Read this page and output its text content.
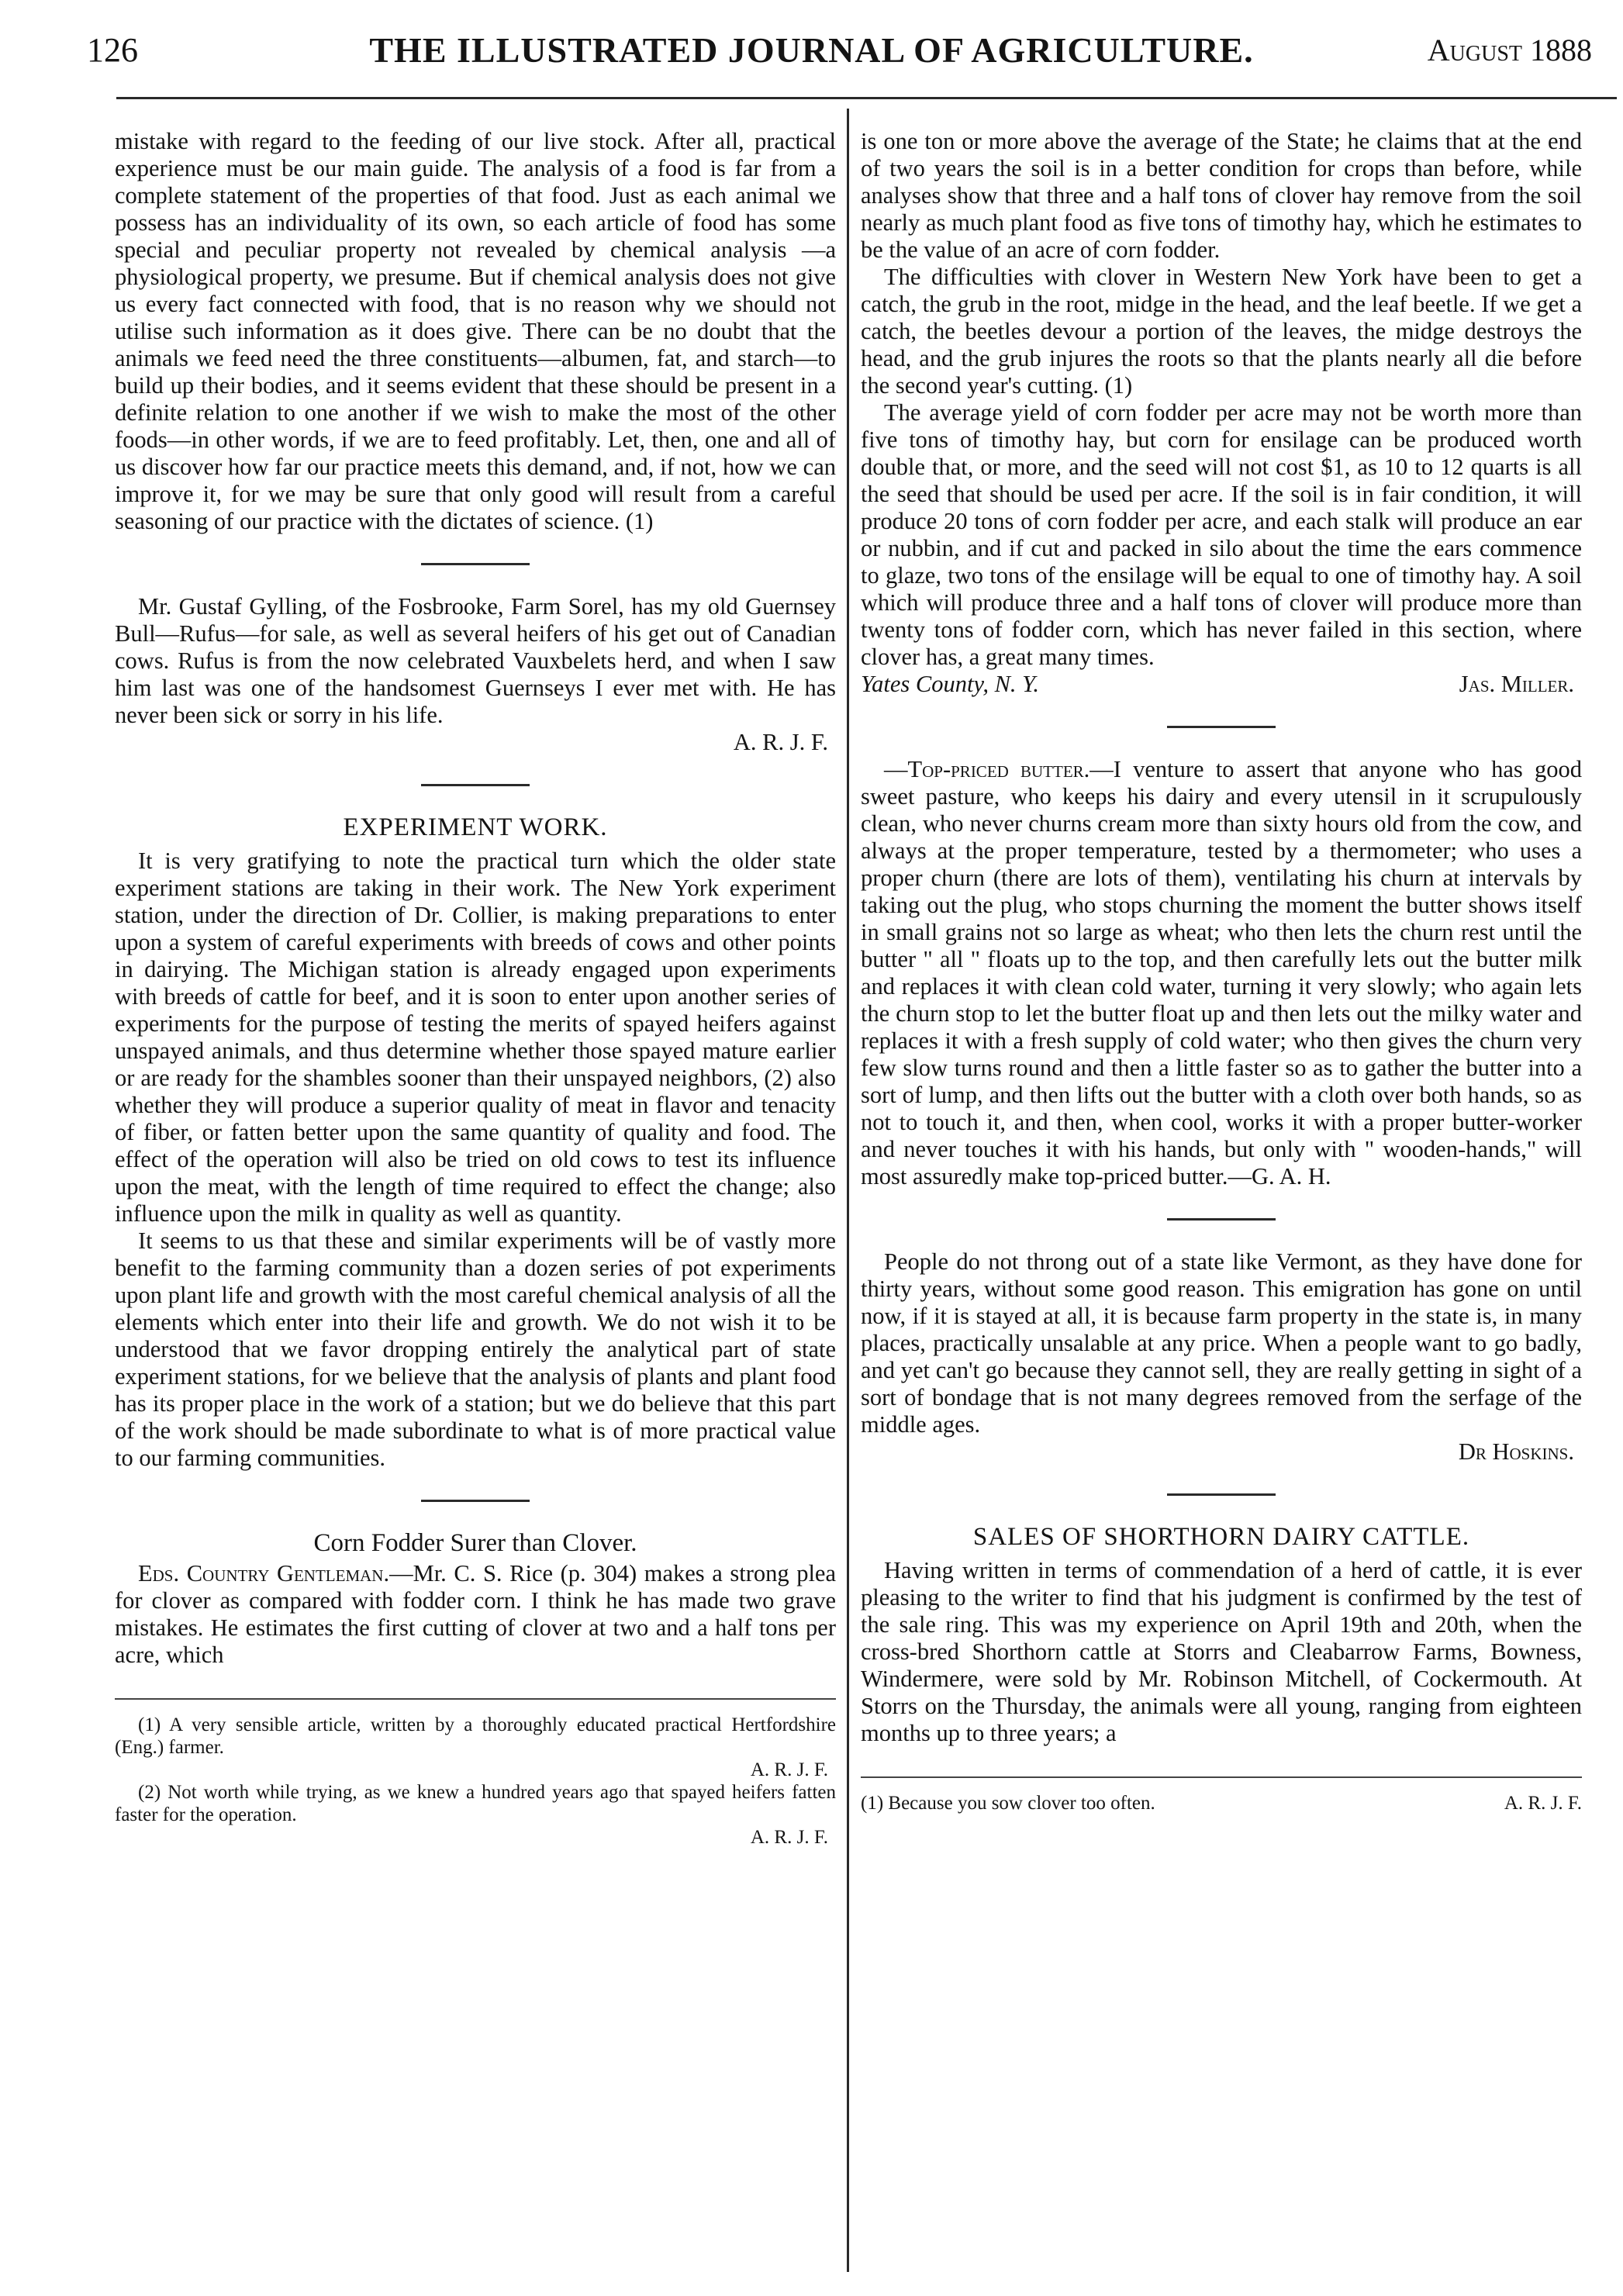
126	THE ILLUSTRATED JOURNAL OF AGRICULTURE.	August 1888

mistake with regard to the feeding of our live stock. After all, practical experience must be our main guide. The analysis of a food is far from a complete statement of the properties of that food. Just as each animal we possess has an individuality of its own, so each article of food has some special and peculiar property not revealed by chemical analysis —a physiological property, we presume. But if chemical analysis does not give us every fact connected with food, that is no reason why we should not utilise such information as it does give. There can be no doubt that the animals we feed need the three constituents—albumen, fat, and starch—to build up their bodies, and it seems evident that these should be present in a definite relation to one another if we wish to make the most of the other foods—in other words, if we are to feed profitably. Let, then, one and all of us discover how far our practice meets this demand, and, if not, how we can improve it, for we may be sure that only good will result from a careful seasoning of our practice with the dictates of science. (1)

Mr. Gustaf Gylling, of the Fosbrooke, Farm Sorel, has my old Guernsey Bull—Rufus—for sale, as well as several heifers of his get out of Canadian cows. Rufus is from the now celebrated Vauxbelets herd, and when I saw him last was one of the handsomest Guernseys I ever met with. He has never been sick or sorry in his life.

A. R. J. F.

EXPERIMENT WORK.

It is very gratifying to note the practical turn which the older state experiment stations are taking in their work. The New York experiment station, under the direction of Dr. Collier, is making preparations to enter upon a system of careful experiments with breeds of cows and other points in dairying. The Michigan station is already engaged upon experiments with breeds of cattle for beef, and it is soon to enter upon another series of experiments for the purpose of testing the merits of spayed heifers against unspayed animals, and thus determine whether those spayed mature earlier or are ready for the shambles sooner than their unspayed neighbors, (2) also whether they will produce a superior quality of meat in flavor and tenacity of fiber, or fatten better upon the same quantity of quality and food. The effect of the operation will also be tried on old cows to test its influence upon the meat, with the length of time required to effect the change; also influence upon the milk in quality as well as quantity.

It seems to us that these and similar experiments will be of vastly more benefit to the farming community than a dozen series of pot experiments upon plant life and growth with the most careful chemical analysis of all the elements which enter into their life and growth. We do not wish it to be understood that we favor dropping entirely the analytical part of state experiment stations, for we believe that the analysis of plants and plant food has its proper place in the work of a station; but we do believe that this part of the work should be made subordinate to what is of more practical value to our farming communities.

Corn Fodder Surer than Clover.

Eds. Country Gentleman.—Mr. C. S. Rice (p. 304) makes a strong plea for clover as compared with fodder corn. I think he has made two grave mistakes. He estimates the first cutting of clover at two and a half tons per acre, which

(1) A very sensible article, written by a thoroughly educated practical Hertfordshire (Eng.) farmer.

A. R. J. F.

(2) Not worth while trying, as we knew a hundred years ago that spayed heifers fatten faster for the operation.

A. R. J. F.

is one ton or more above the average of the State; he claims that at the end of two years the soil is in a better condition for crops than before, while analyses show that three and a half tons of clover hay remove from the soil nearly as much plant food as five tons of timothy hay, which he estimates to be the value of an acre of corn fodder.

The difficulties with clover in Western New York have been to get a catch, the grub in the root, midge in the head, and the leaf beetle. If we get a catch, the beetles devour a portion of the leaves, the midge destroys the head, and the grub injures the roots so that the plants nearly all die before the second year's cutting. (1)

The average yield of corn fodder per acre may not be worth more than five tons of timothy hay, but corn for ensilage can be produced worth double that, or more, and the seed will not cost $1, as 10 to 12 quarts is all the seed that should be used per acre. If the soil is in fair condition, it will produce 20 tons of corn fodder per acre, and each stalk will produce an ear or nubbin, and if cut and packed in silo about the time the ears commence to glaze, two tons of the ensilage will be equal to one of timothy hay. A soil which will produce three and a half tons of clover will produce more than twenty tons of fodder corn, which has never failed in this section, where clover has, a great many times.

Yates County, N. Y.	Jas. Miller.

—Top-priced butter.—I venture to assert that anyone who has good sweet pasture, who keeps his dairy and every utensil in it scrupulously clean, who never churns cream more than sixty hours old from the cow, and always at the proper temperature, tested by a thermometer; who uses a proper churn (there are lots of them), ventilating his churn at intervals by taking out the plug, who stops churning the moment the butter shows itself in small grains not so large as wheat; who then lets the churn rest until the butter " all " floats up to the top, and then carefully lets out the butter milk and replaces it with clean cold water, turning it very slowly; who again lets the churn stop to let the butter float up and then lets out the milky water and replaces it with a fresh supply of cold water; who then gives the churn very few slow turns round and then a little faster so as to gather the butter into a sort of lump, and then lifts out the butter with a cloth over both hands, so as not to touch it, and then, when cool, works it with a proper butter-worker and never touches it with his hands, but only with " wooden-hands," will most assuredly make top-priced butter.—G. A. H.

People do not throng out of a state like Vermont, as they have done for thirty years, without some good reason. This emigration has gone on until now, if it is stayed at all, it is because farm property in the state is, in many places, practically unsalable at any price. When a people want to go badly, and yet can't go because they cannot sell, they are really getting in sight of a sort of bondage that is not many degrees removed from the serfage of the middle ages.

Dr Hoskins.

SALES OF SHORTHORN DAIRY CATTLE.

Having written in terms of commendation of a herd of cattle, it is ever pleasing to the writer to find that his judgment is confirmed by the test of the sale ring. This was my experience on April 19th and 20th, when the cross-bred Shorthorn cattle at Storrs and Cleabarrow Farms, Bowness, Windermere, were sold by Mr. Robinson Mitchell, of Cockermouth. At Storrs on the Thursday, the animals were all young, ranging from eighteen months up to three years; a

(1) Because you sow clover too often.	A. R. J. F.
